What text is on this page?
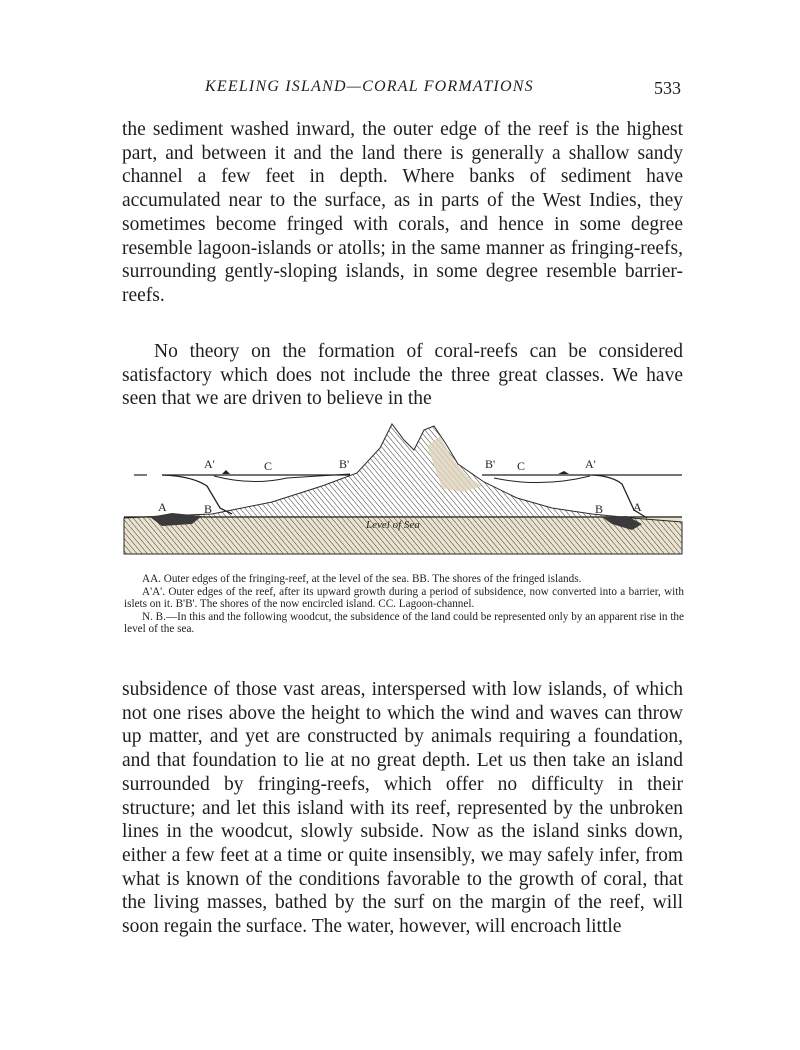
KEELING ISLAND—CORAL FORMATIONS	533

the sediment washed inward, the outer edge of the reef is the highest part, and between it and the land there is generally a shallow sandy channel a few feet in depth. Where banks of sediment have accumulated near to the surface, as in parts of the West Indies, they sometimes become fringed with corals, and hence in some degree resemble lagoon-islands or atolls; in the same manner as fringing-reefs, surrounding gently-sloping islands, in some degree resemble barrier-reefs.

No theory on the formation of coral-reefs can be considered satisfactory which does not include the three great classes. We have seen that we are driven to believe in the

A'	C	B'	B' C	A'
A	B	B A
Level of Sea

AA. Outer edges of the fringing-reef, at the level of the sea. BB. The shores of the fringed islands.

A'A'. Outer edges of the reef, after its upward growth during a period of subsidence, now converted into a barrier, with islets on it. B'B'. The shores of the now encircled island. CC. Lagoon-channel.

N. B.—In this and the following woodcut, the subsidence of the land could be represented only by an apparent rise in the level of the sea.

subsidence of those vast areas, interspersed with low islands, of which not one rises above the height to which the wind and waves can throw up matter, and yet are constructed by animals requiring a foundation, and that foundation to lie at no great depth. Let us then take an island surrounded by fringing-reefs, which offer no difficulty in their structure; and let this island with its reef, represented by the unbroken lines in the woodcut, slowly subside. Now as the island sinks down, either a few feet at a time or quite insensibly, we may safely infer, from what is known of the conditions favorable to the growth of coral, that the living masses, bathed by the surf on the margin of the reef, will soon regain the surface. The water, however, will encroach little
